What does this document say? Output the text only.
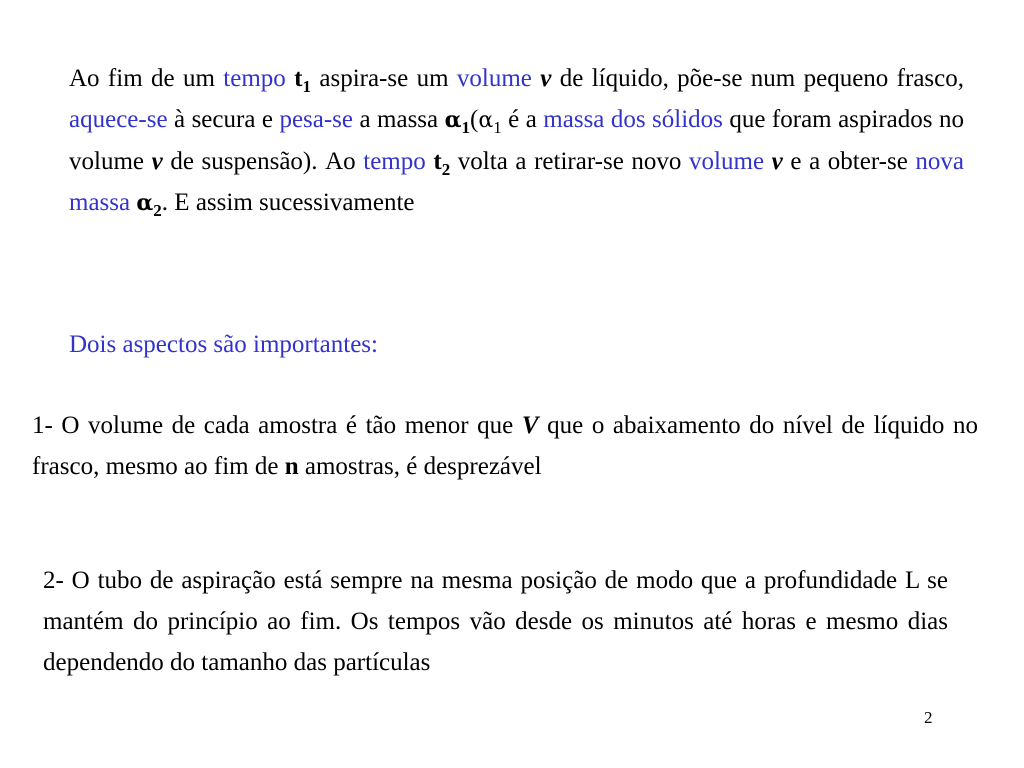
Ao fim de um tempo $t_1$ aspira-se um volume v de líquido, põe-se num pequeno frasco, aquece-se à secura e pesa-se a massa $\alpha_1(\alpha_1$ é a massa dos sólidos que foram aspirados no volume v de suspensão). Ao tempo $t_2$ volta a retirar-se novo volume v e a obter-se nova massa $\alpha_2$. E assim sucessivamente

Dois aspectos são importantes:

1- O volume de cada amostra é tão menor que V que o abaixamento do nível de líquido no frasco, mesmo ao fim de n amostras, é desprezável

2- O tubo de aspiração está sempre na mesma posição de modo que a profundidade L se mantém do princípio ao fim. Os tempos vão desde os minutos até horas e mesmo dias dependendo do tamanho das partículas

2
